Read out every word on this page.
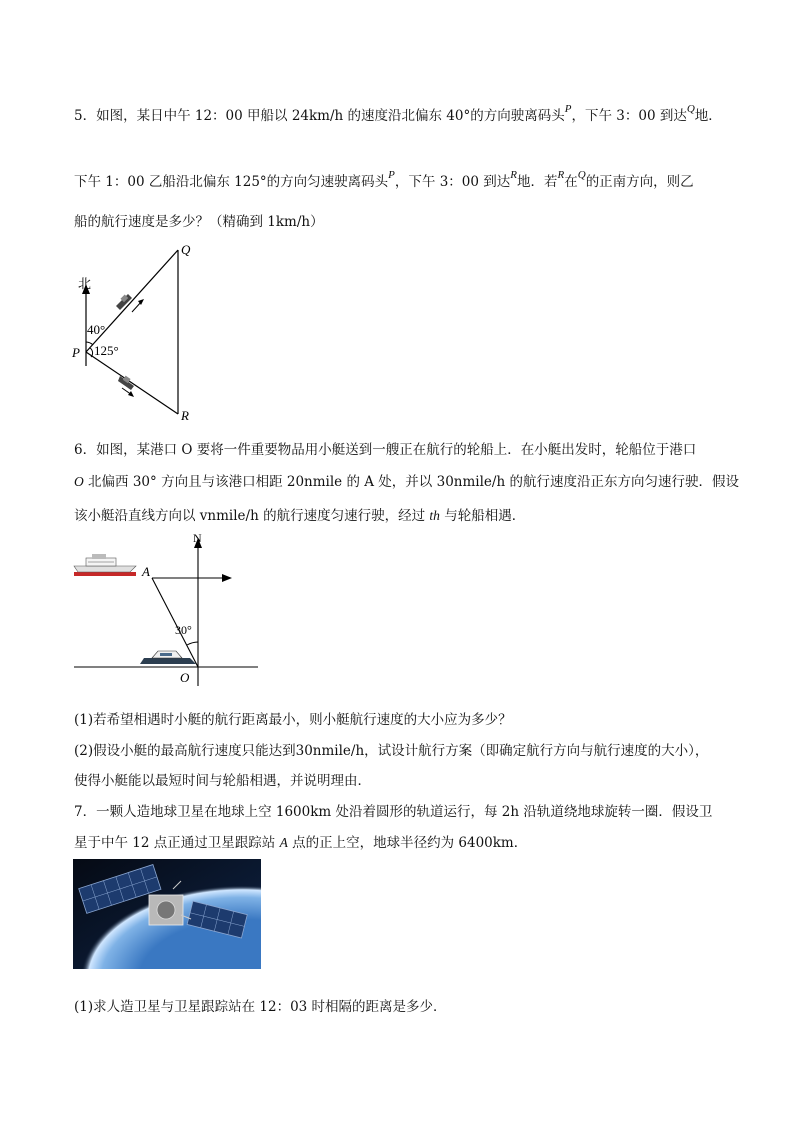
5．如图，某日中午 12：00 甲船以 24km/h 的速度沿北偏东 40°的方向驶离码头$^P$，下午 3：00 到达$^Q$地．
下午 1：00 乙船沿北偏东 125°的方向匀速驶离码头$^P$，下午 3：00 到达$^R$地．若$^R$在$^Q$的正南方向，则乙
船的航行速度是多少？（精确到 1km/h）
北
40°
125°
P
Q
R
6．如图，某港口 O 要将一件重要物品用小艇送到一艘正在航行的轮船上．在小艇出发时，轮船位于港口
O 北偏西 30° 方向且与该港口相距 20nmile 的 A 处，并以 30nmile/h 的航行速度沿正东方向匀速行驶．假设
该小艇沿直线方向以 vnmile/h 的航行速度匀速行驶，经过 th 与轮船相遇．
N
A
O
30°
(1)若希望相遇时小艇的航行距离最小，则小艇航行速度的大小应为多少？
(2)假设小艇的最高航行速度只能达到30nmile/h，试设计航行方案（即确定航行方向与航行速度的大小），
使得小艇能以最短时间与轮船相遇，并说明理由．
7．一颗人造地球卫星在地球上空 1600km 处沿着圆形的轨道运行，每 2h 沿轨道绕地球旋转一圈．假设卫
星于中午 12 点正通过卫星跟踪站 A 点的正上空，地球半径约为 6400km．
(1)求人造卫星与卫星跟踪站在 12：03 时相隔的距离是多少．
